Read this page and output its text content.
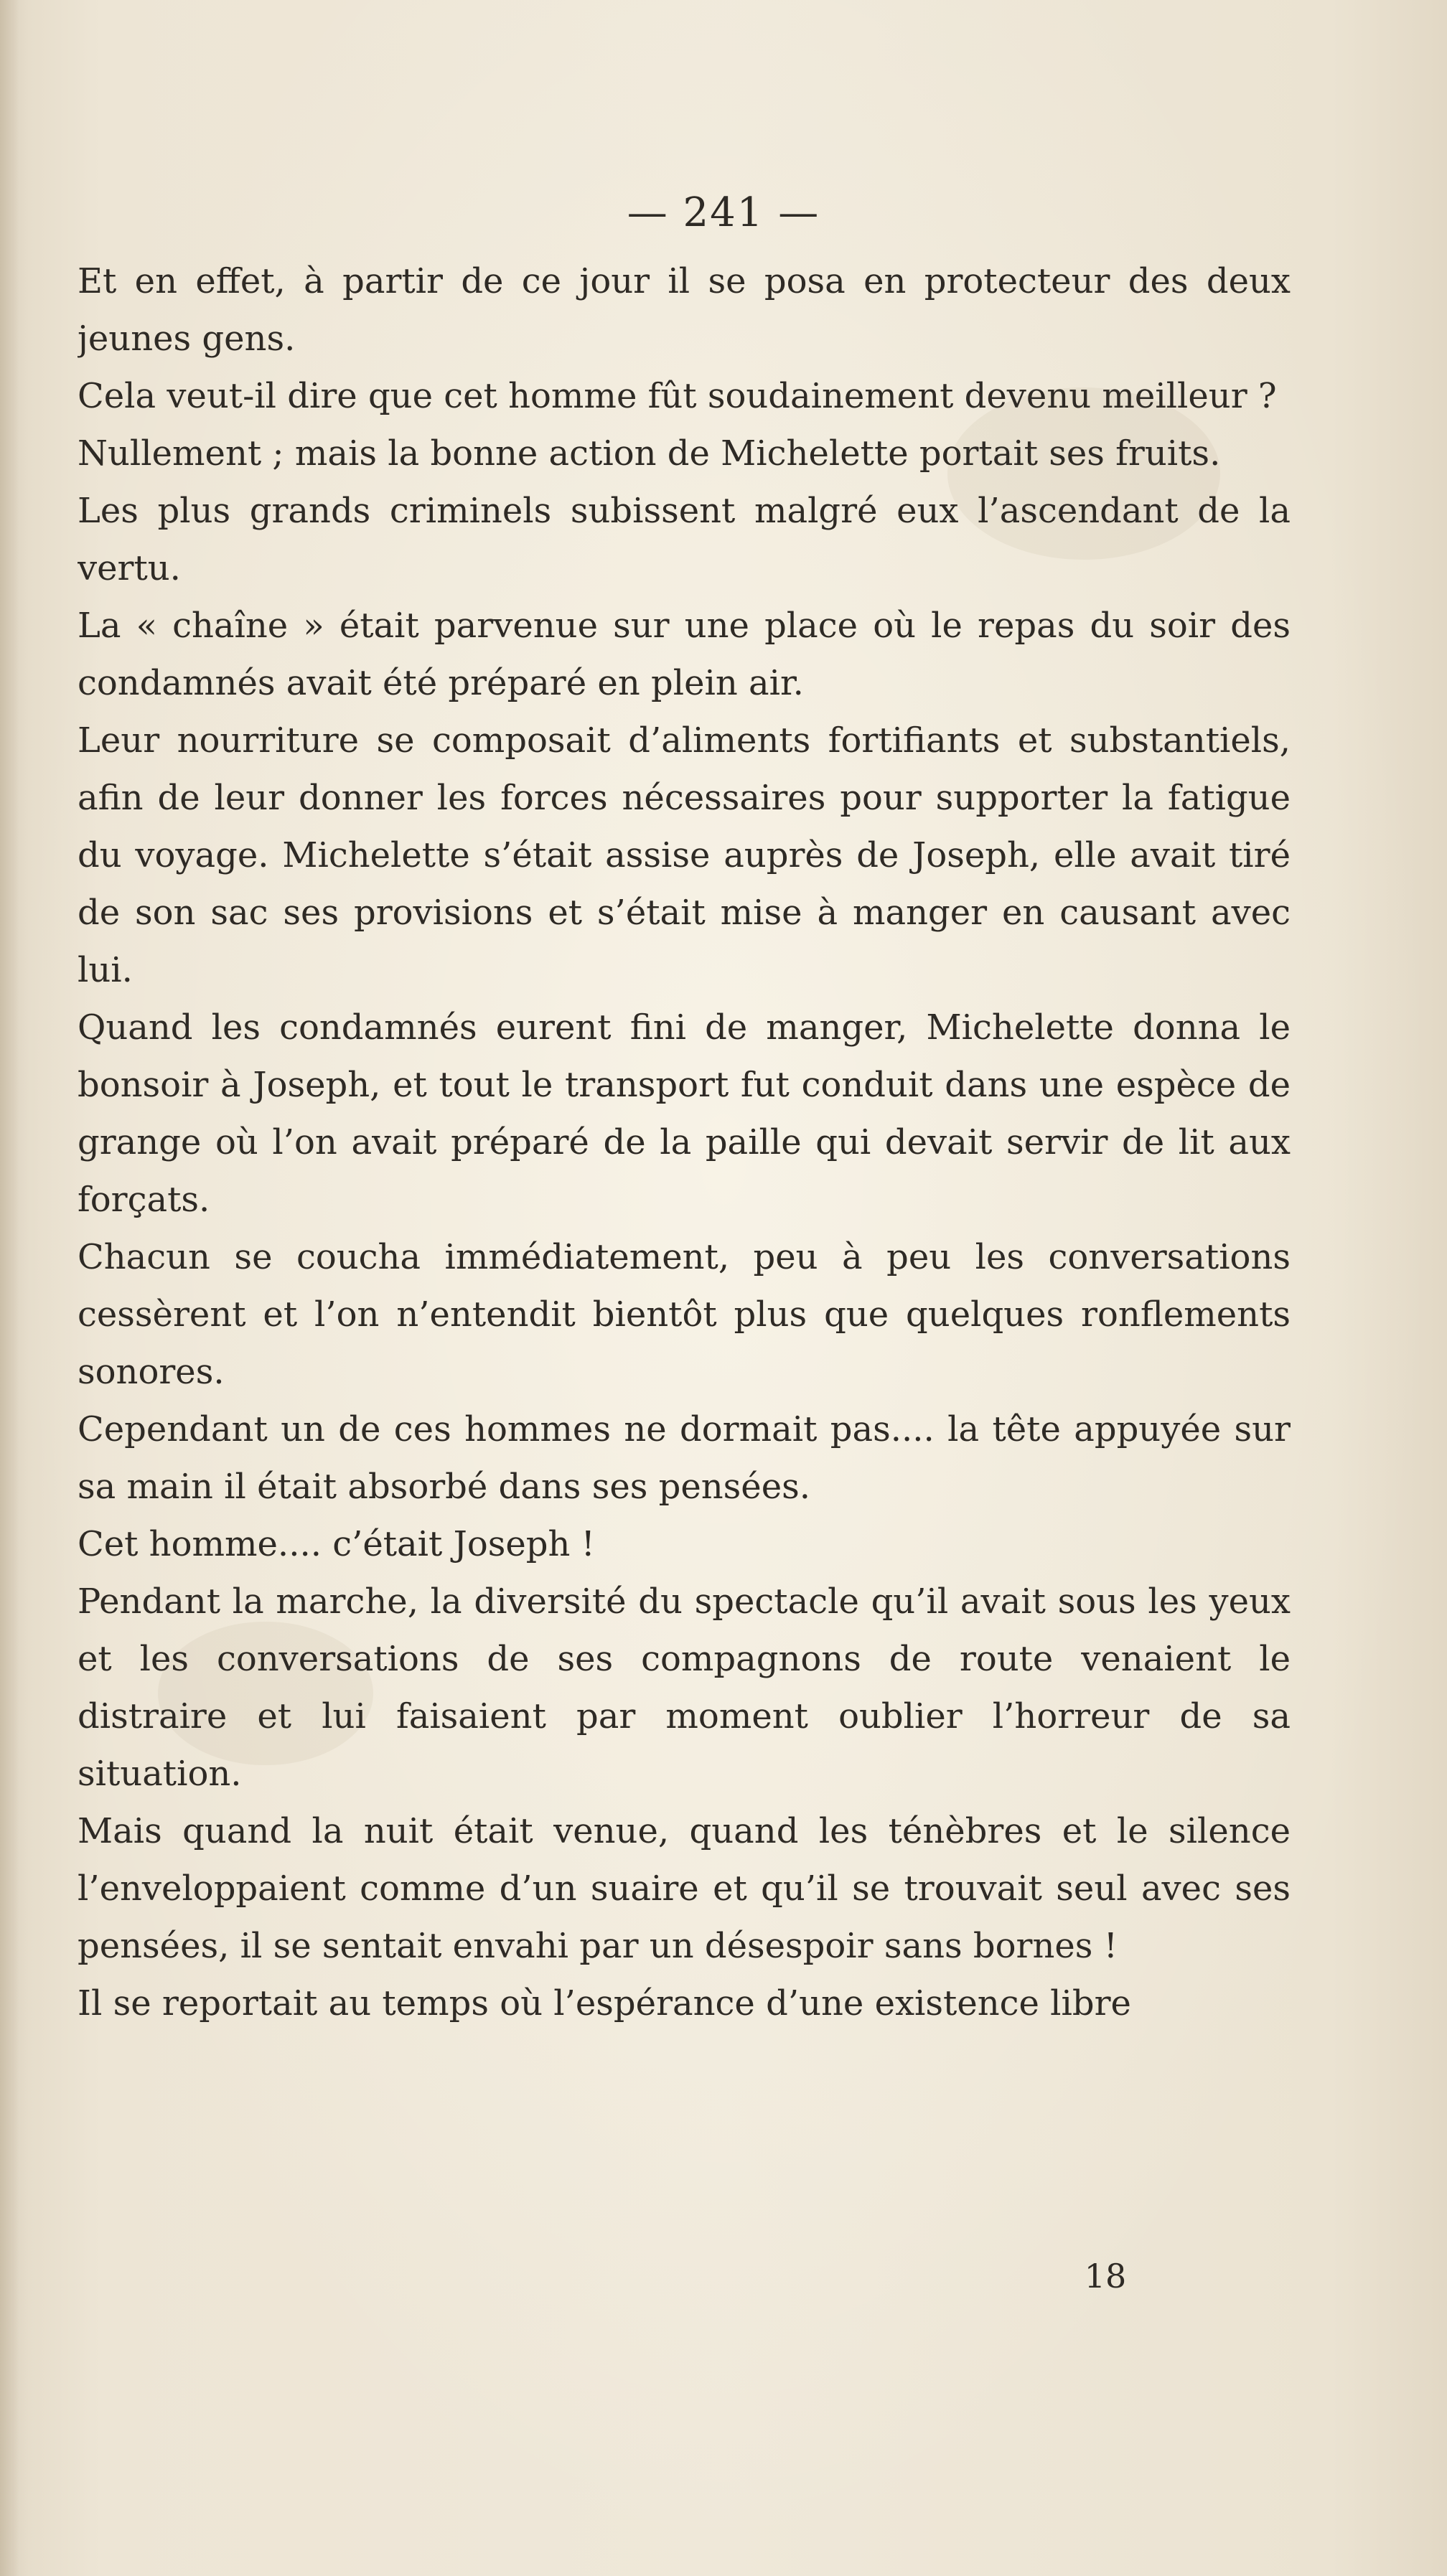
— 241 —

Et en effet, à partir de ce jour il se posa en protecteur des deux jeunes gens.

Cela veut-il dire que cet homme fût soudainement devenu meilleur ?

Nullement ; mais la bonne action de Michelette portait ses fruits.

Les plus grands criminels subissent malgré eux l’ascendant de la vertu.

La « chaîne » était parvenue sur une place où le repas du soir des condamnés avait été préparé en plein air.

Leur nourriture se composait d’aliments fortifiants et substantiels, afin de leur donner les forces nécessaires pour supporter la fatigue du voyage. Michelette s’était assise auprès de Joseph, elle avait tiré de son sac ses provisions et s’était mise à manger en causant avec lui.

Quand les condamnés eurent fini de manger, Michelette donna le bonsoir à Joseph, et tout le transport fut conduit dans une espèce de grange où l’on avait préparé de la paille qui devait servir de lit aux forçats.

Chacun se coucha immédiatement, peu à peu les conversations cessèrent et l’on n’entendit bientôt plus que quelques ronflements sonores.

Cependant un de ces hommes ne dormait pas.... la tête appuyée sur sa main il était absorbé dans ses pensées.

Cet homme.... c’était Joseph !

Pendant la marche, la diversité du spectacle qu’il avait sous les yeux et les conversations de ses compagnons de route venaient le distraire et lui faisaient par moment oublier l’horreur de sa situation.

Mais quand la nuit était venue, quand les ténèbres et le silence l’enveloppaient comme d’un suaire et qu’il se trouvait seul avec ses pensées, il se sentait envahi par un désespoir sans bornes !

Il se reportait au temps où l’espérance d’une existence libre

18
